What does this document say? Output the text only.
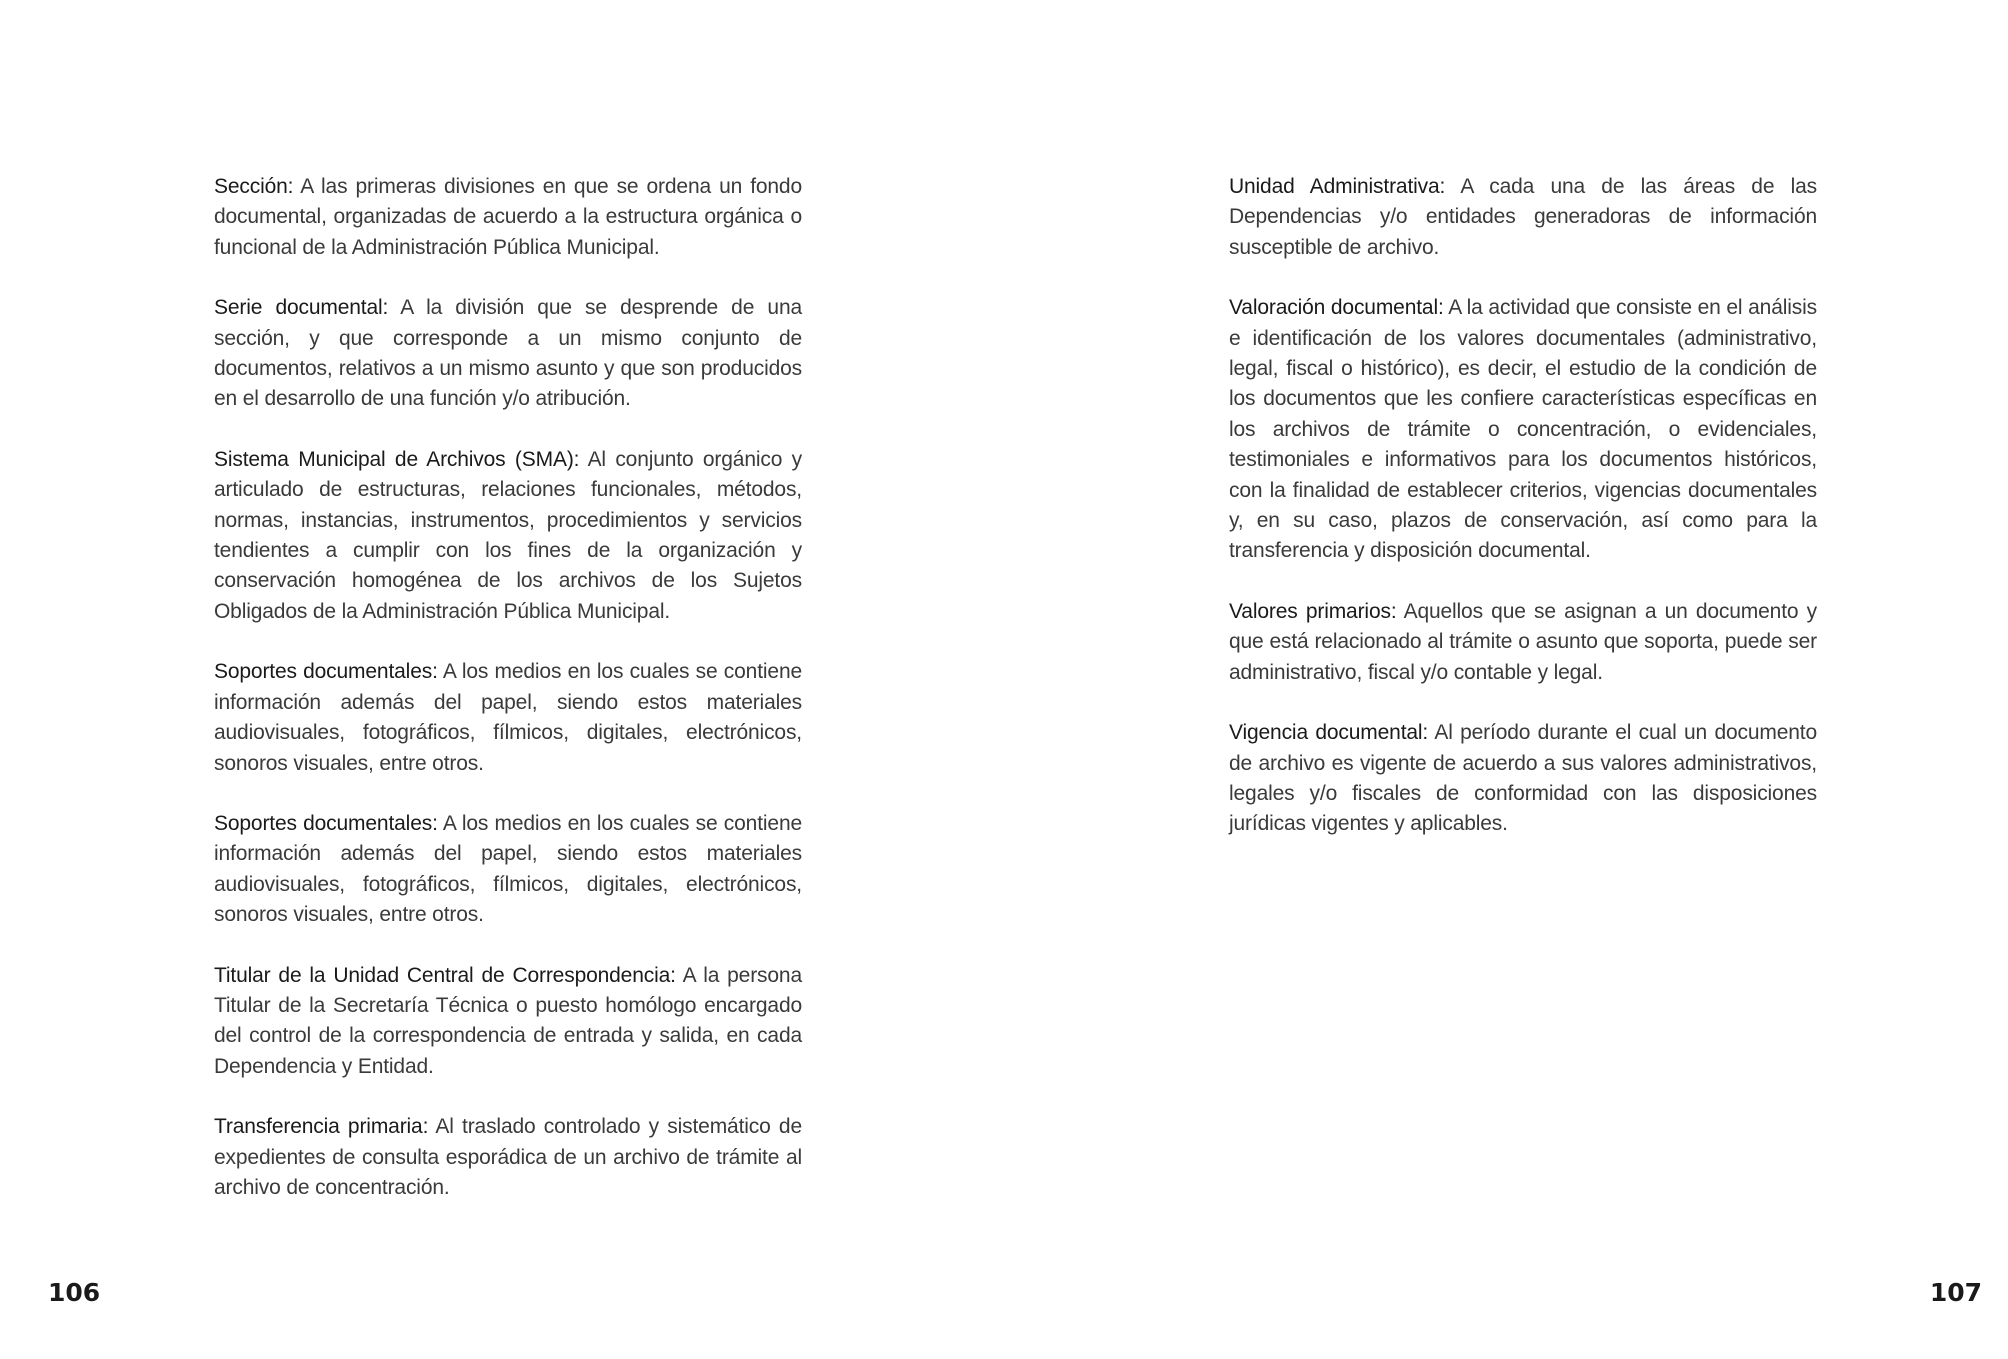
Sección: A las primeras divisiones en que se ordena un fondo documental, organizadas de acuerdo a la estructura orgánica o funcional de la Administración Pública Municipal.

Serie documental: A la división que se desprende de una sección, y que corresponde a un mismo conjunto de documentos, relativos a un mismo asunto y que son producidos en el desarrollo de una función y/o atribución.

Sistema Municipal de Archivos (SMA): Al conjunto orgánico y articulado de estructuras, relaciones funcionales, métodos, normas, instancias, instrumentos, procedimientos y servicios tendientes a cumplir con los fines de la organización y conservación homogénea de los archivos de los Sujetos Obligados de la Administración Pública Municipal.

Soportes documentales: A los medios en los cuales se contiene información además del papel, siendo estos materiales audiovisuales, fotográficos, fílmicos, digitales, electrónicos, sonoros visuales, entre otros.

Soportes documentales: A los medios en los cuales se contiene información además del papel, siendo estos materiales audiovisuales, fotográficos, fílmicos, digitales, electrónicos, sonoros visuales, entre otros.

Titular de la Unidad Central de Correspondencia: A la persona Titular de la Secretaría Técnica o puesto homólogo encargado del control de la correspondencia de entrada y salida, en cada Dependencia y Entidad.

Transferencia primaria: Al traslado controlado y sistemático de expedientes de consulta esporádica de un archivo de trámite al archivo de concentración.

Unidad Administrativa: A cada una de las áreas de las Dependencias y/o entidades generadoras de información susceptible de archivo.

Valoración documental: A la actividad que consiste en el análisis e identificación de los valores documentales (administrativo, legal, fiscal o histórico), es decir, el estudio de la condición de los documentos que les confiere características específicas en los archivos de trámite o concentración, o evidenciales, testimoniales e informativos para los documentos históricos, con la finalidad de establecer criterios, vigencias documentales y, en su caso, plazos de conservación, así como para la transferencia y disposición documental.

Valores primarios: Aquellos que se asignan a un documento y que está relacionado al trámite o asunto que soporta, puede ser administrativo, fiscal y/o contable y legal.

Vigencia documental: Al período durante el cual un documento de archivo es vigente de acuerdo a sus valores administrativos, legales y/o fiscales de conformidad con las disposiciones jurídicas vigentes y aplicables.

106	107
